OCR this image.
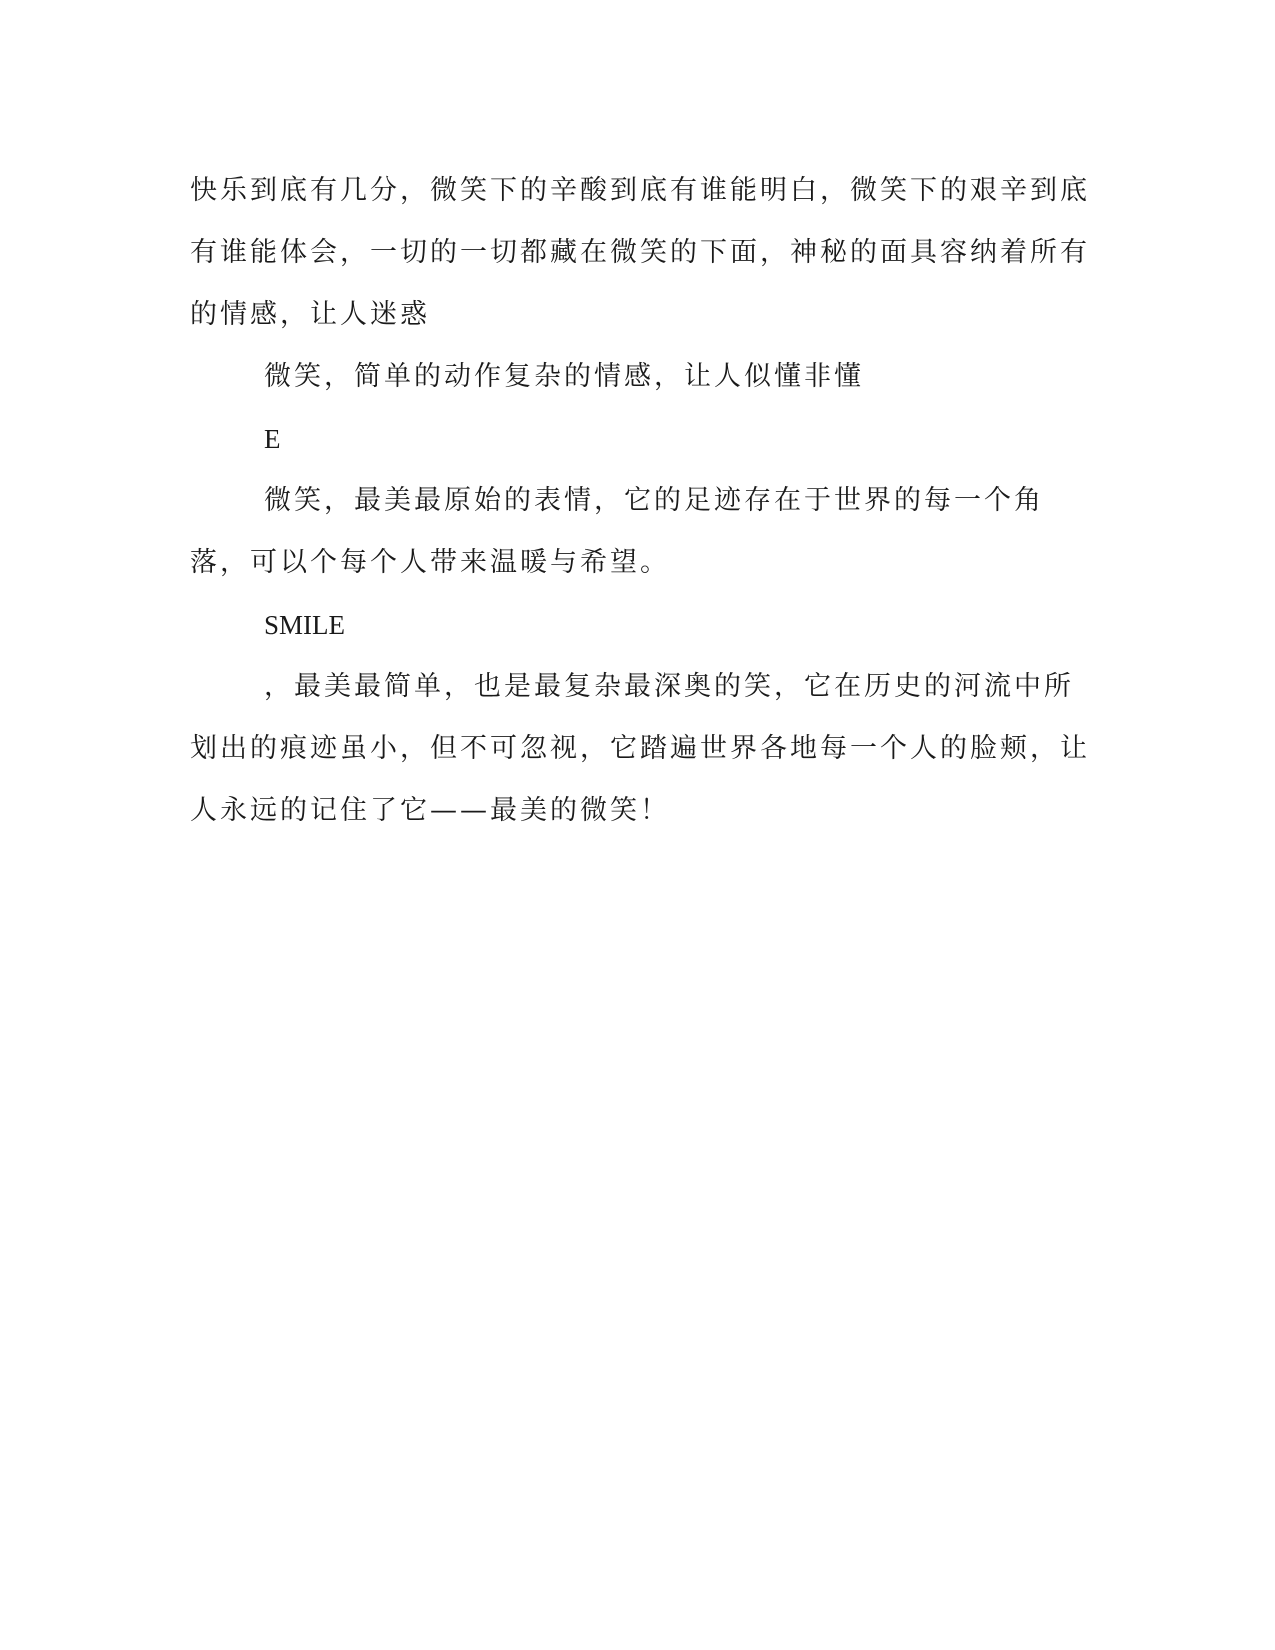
快乐到底有几分，微笑下的辛酸到底有谁能明白，微笑下的艰辛到底有谁能体会，一切的一切都藏在微笑的下面，神秘的面具容纳着所有的情感，让人迷惑

微笑，简单的动作复杂的情感，让人似懂非懂

E

微笑，最美最原始的表情，它的足迹存在于世界的每一个角落，可以个每个人带来温暖与希望。

SMILE

，最美最简单，也是最复杂最深奥的笑，它在历史的河流中所划出的痕迹虽小，但不可忽视，它踏遍世界各地每一个人的脸颊，让人永远的记住了它——最美的微笑！
